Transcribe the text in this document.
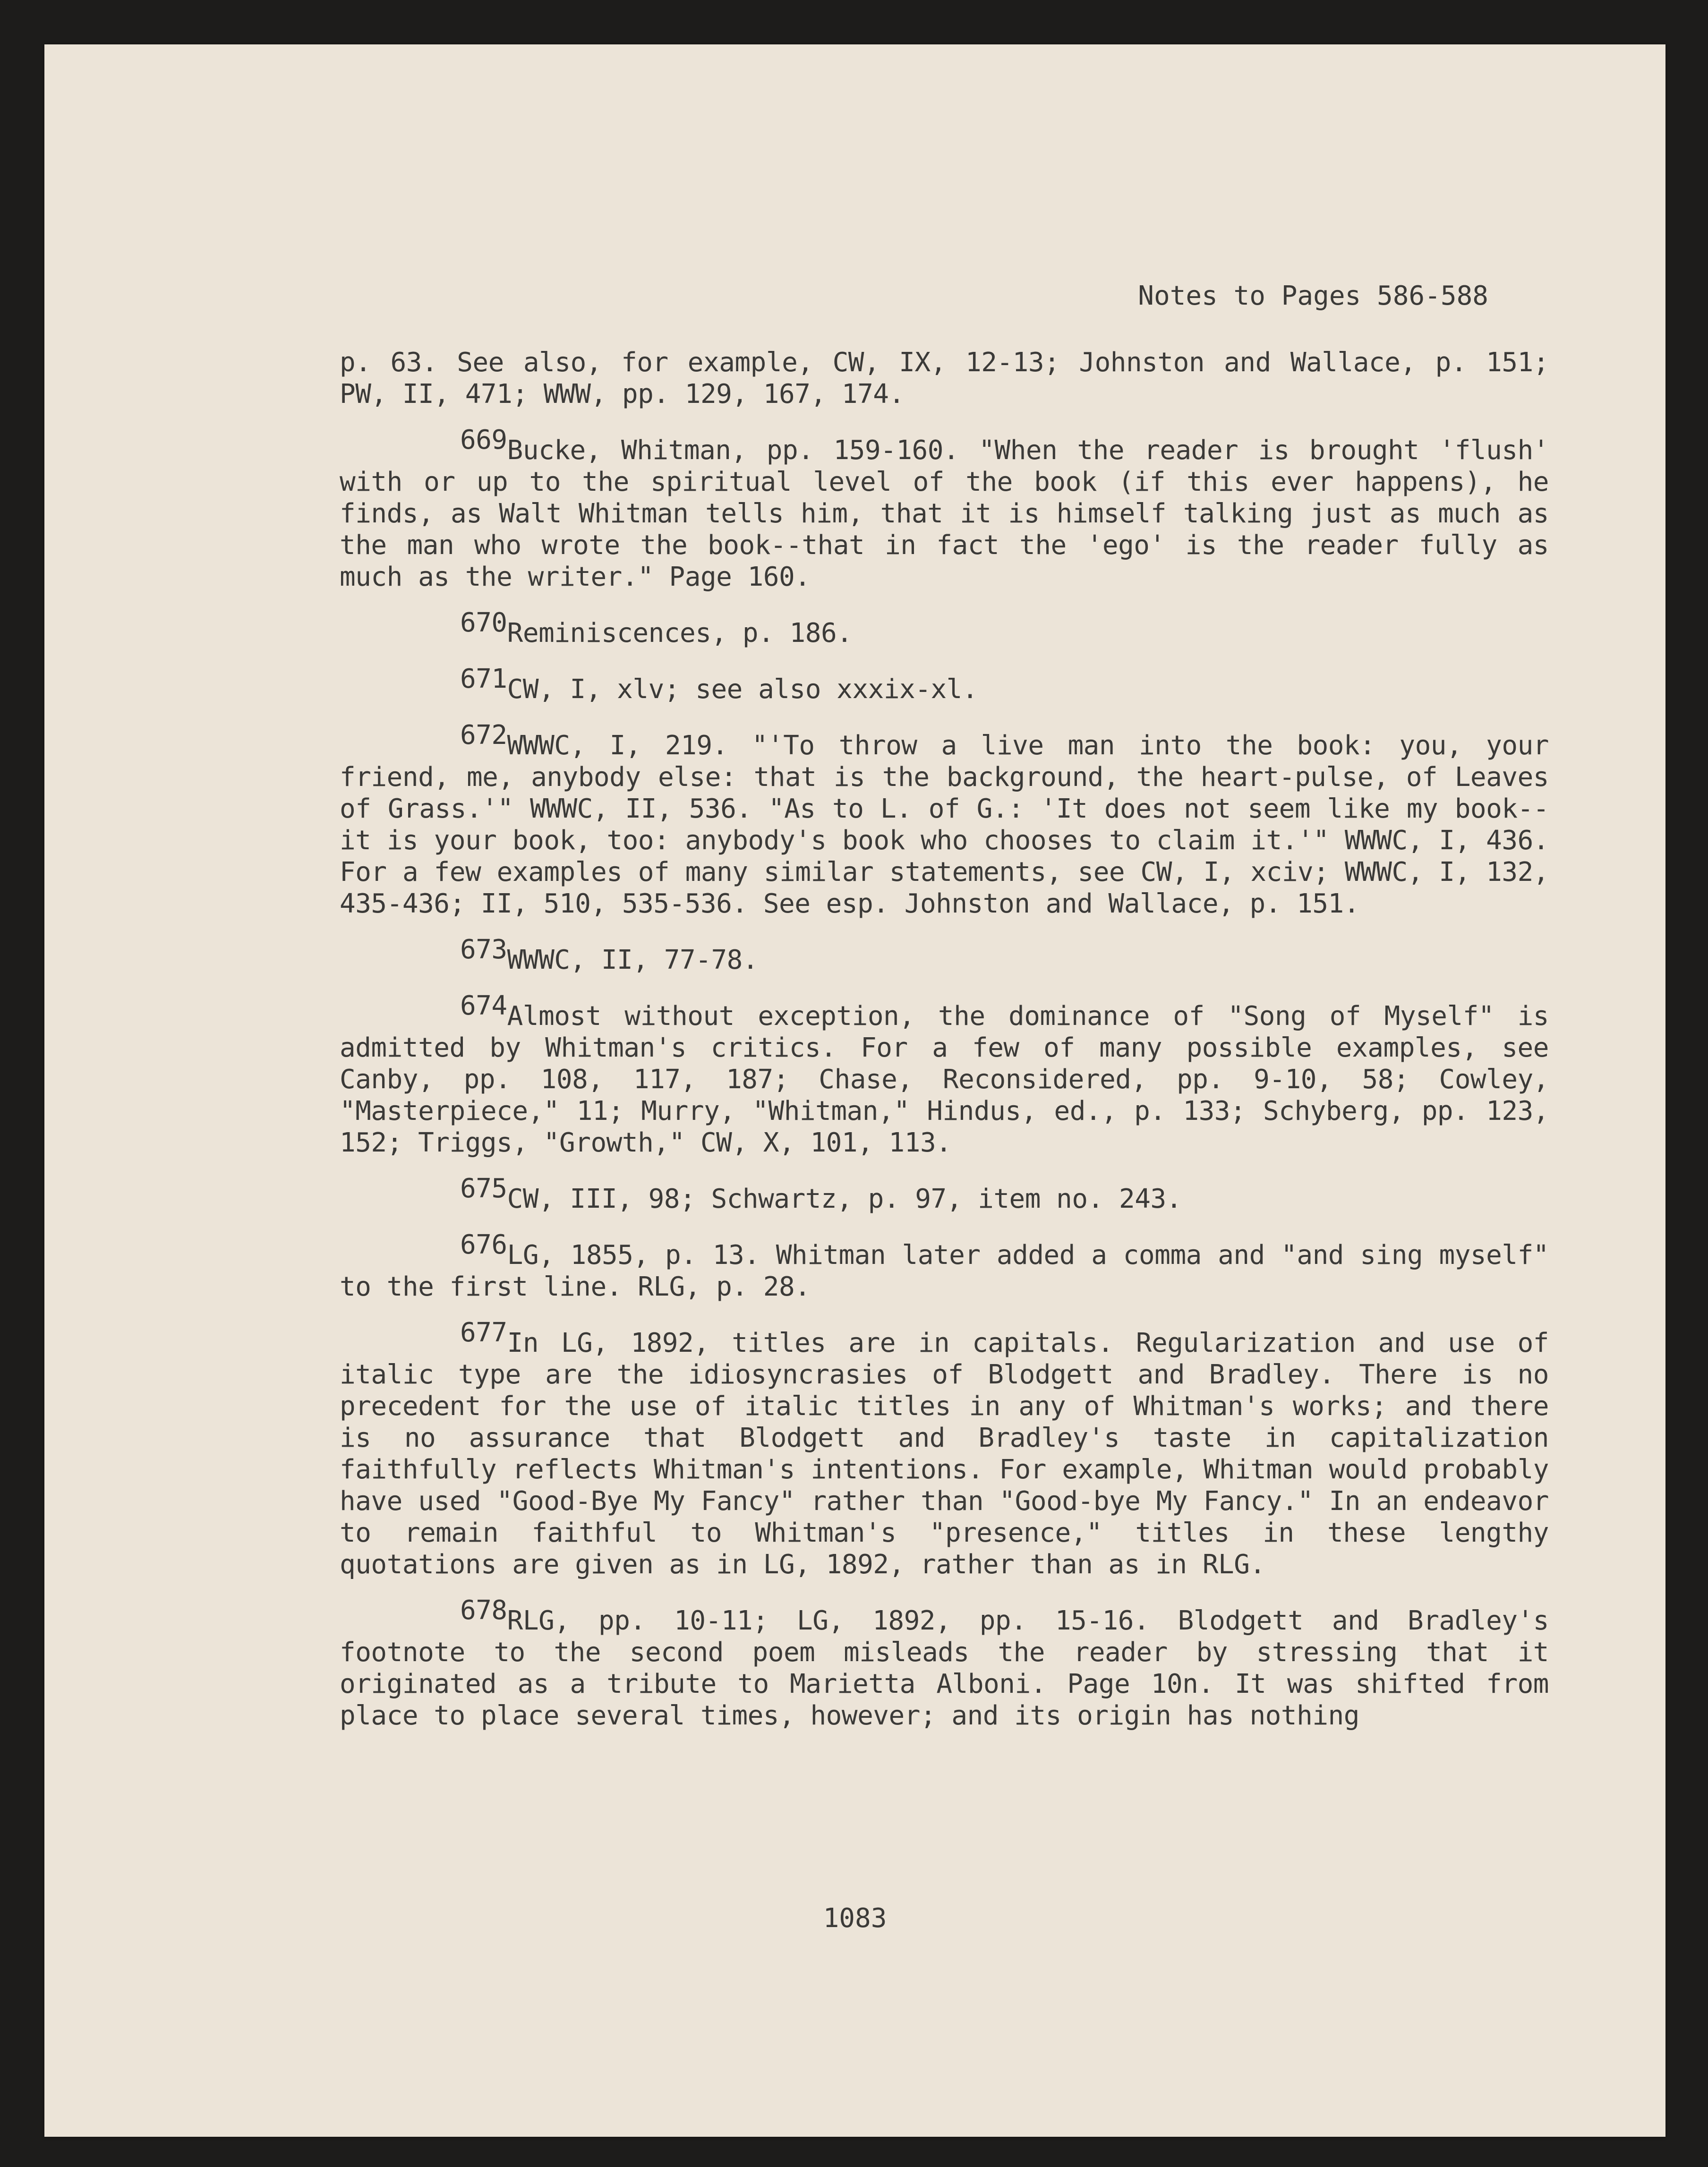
Notes to Pages 586-588

p. 63. See also, for example, CW, IX, 12-13; Johnston and Wallace, p. 151; PW, II, 471; WWW, pp. 129, 167, 174.

669Bucke, Whitman, pp. 159-160. "When the reader is brought 'flush' with or up to the spiritual level of the book (if this ever happens), he finds, as Walt Whitman tells him, that it is himself talking just as much as the man who wrote the book--that in fact the 'ego' is the reader fully as much as the writer." Page 160.

670Reminiscences, p. 186.

671CW, I, xlv; see also xxxix-xl.

672WWWC, I, 219. "'To throw a live man into the book: you, your friend, me, anybody else: that is the background, the heart-pulse, of Leaves of Grass.'" WWWC, II, 536. "As to L. of G.: 'It does not seem like my book--it is your book, too: anybody's book who chooses to claim it.'" WWWC, I, 436. For a few examples of many similar statements, see CW, I, xciv; WWWC, I, 132, 435-436; II, 510, 535-536. See esp. Johnston and Wallace, p. 151.

673WWWC, II, 77-78.

674Almost without exception, the dominance of "Song of Myself" is admitted by Whitman's critics. For a few of many possible examples, see Canby, pp. 108, 117, 187; Chase, Reconsidered, pp. 9-10, 58; Cowley, "Masterpiece," 11; Murry, "Whitman," Hindus, ed., p. 133; Schyberg, pp. 123, 152; Triggs, "Growth," CW, X, 101, 113.

675CW, III, 98; Schwartz, p. 97, item no. 243.

676LG, 1855, p. 13. Whitman later added a comma and "and sing myself" to the first line. RLG, p. 28.

677In LG, 1892, titles are in capitals. Regularization and use of italic type are the idiosyncrasies of Blodgett and Bradley. There is no precedent for the use of italic titles in any of Whitman's works; and there is no assurance that Blodgett and Bradley's taste in capitalization faithfully reflects Whitman's intentions. For example, Whitman would probably have used "Good-Bye My Fancy" rather than "Good-bye My Fancy." In an endeavor to remain faithful to Whitman's "presence," titles in these lengthy quotations are given as in LG, 1892, rather than as in RLG.

678RLG, pp. 10-11; LG, 1892, pp. 15-16. Blodgett and Bradley's footnote to the second poem misleads the reader by stressing that it originated as a tribute to Marietta Alboni. Page 10n. It was shifted from place to place several times, however; and its origin has nothing

1083
